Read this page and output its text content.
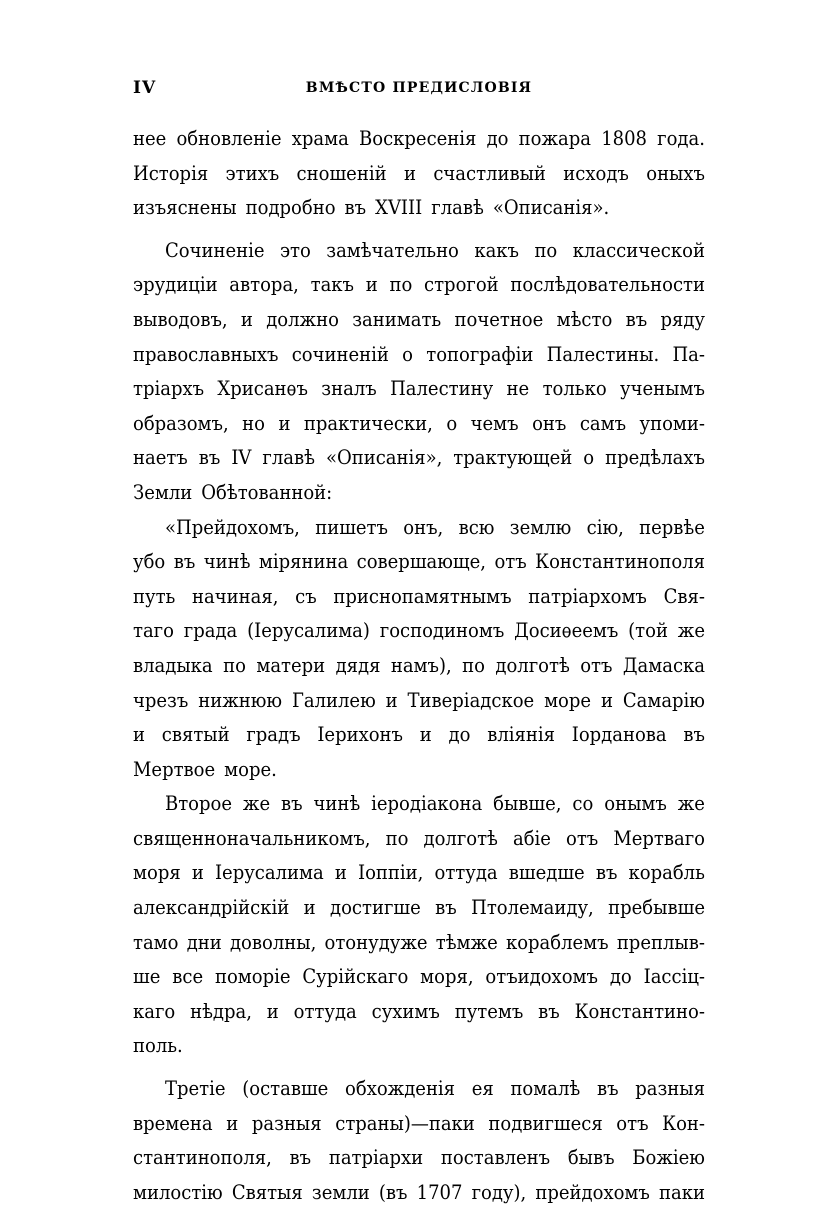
IV	ВМѢСТО ПРЕДИСЛОВІЯ
нее обновленіе храма Воскресенія до пожара 1808 года.
Исторія этихъ сношеній и счастливый исходъ оныхъ
изъяснены подробно въ XVIII главѣ «Описанія».
Сочиненіе это замѣчательно какъ по классической
эрудиціи автора, такъ и по строгой послѣдовательности
выводовъ, и должно занимать почетное мѣсто въ ряду
православныхъ сочиненій о топографіи Палестины. Па-
тріархъ Хрисанѳъ зналъ Палестину не только ученымъ
образомъ, но и практически, о чемъ онъ самъ упоми-
наетъ въ IV главѣ «Описанія», трактующей о предѣлахъ
Земли Обѣтованной:
«Прейдохомъ, пишетъ онъ, всю землю сію, первѣе
убо въ чинѣ мірянина совершающе, отъ Константинополя
путь начиная, съ приснопамятнымъ патріархомъ Свя-
таго града (Іерусалима) господиномъ Досиѳеемъ (той же
владыка по матери дядя намъ), по долготѣ отъ Дамаска
чрезъ нижнюю Галилею и Тиверіадское море и Самарію
и святый градъ Іерихонъ и до вліянія Іорданова въ
Мертвое море.
Второе же въ чинѣ іеродіакона бывше, со онымъ же
священноначальникомъ, по долготѣ абіе отъ Мертваго
моря и Іерусалима и Іоппіи, оттуда вшедше въ корабль
александрійскій и достигше въ Птолемаиду, пребывше
тамо дни доволны, отонудуже тѣмже кораблемъ преплыв-
ше все поморіе Сурійскаго моря, отъидохомъ до Іассіц-
каго нѣдра, и оттуда сухимъ путемъ въ Константино-
поль.
Третіе (оставше обхожденія ея помалѣ въ разныя
времена и разныя страны)—паки подвигшеся отъ Кон-
стантинополя, въ патріархи поставленъ бывъ Божіею
милостію Святыя земли (въ 1707 году), прейдохомъ паки
